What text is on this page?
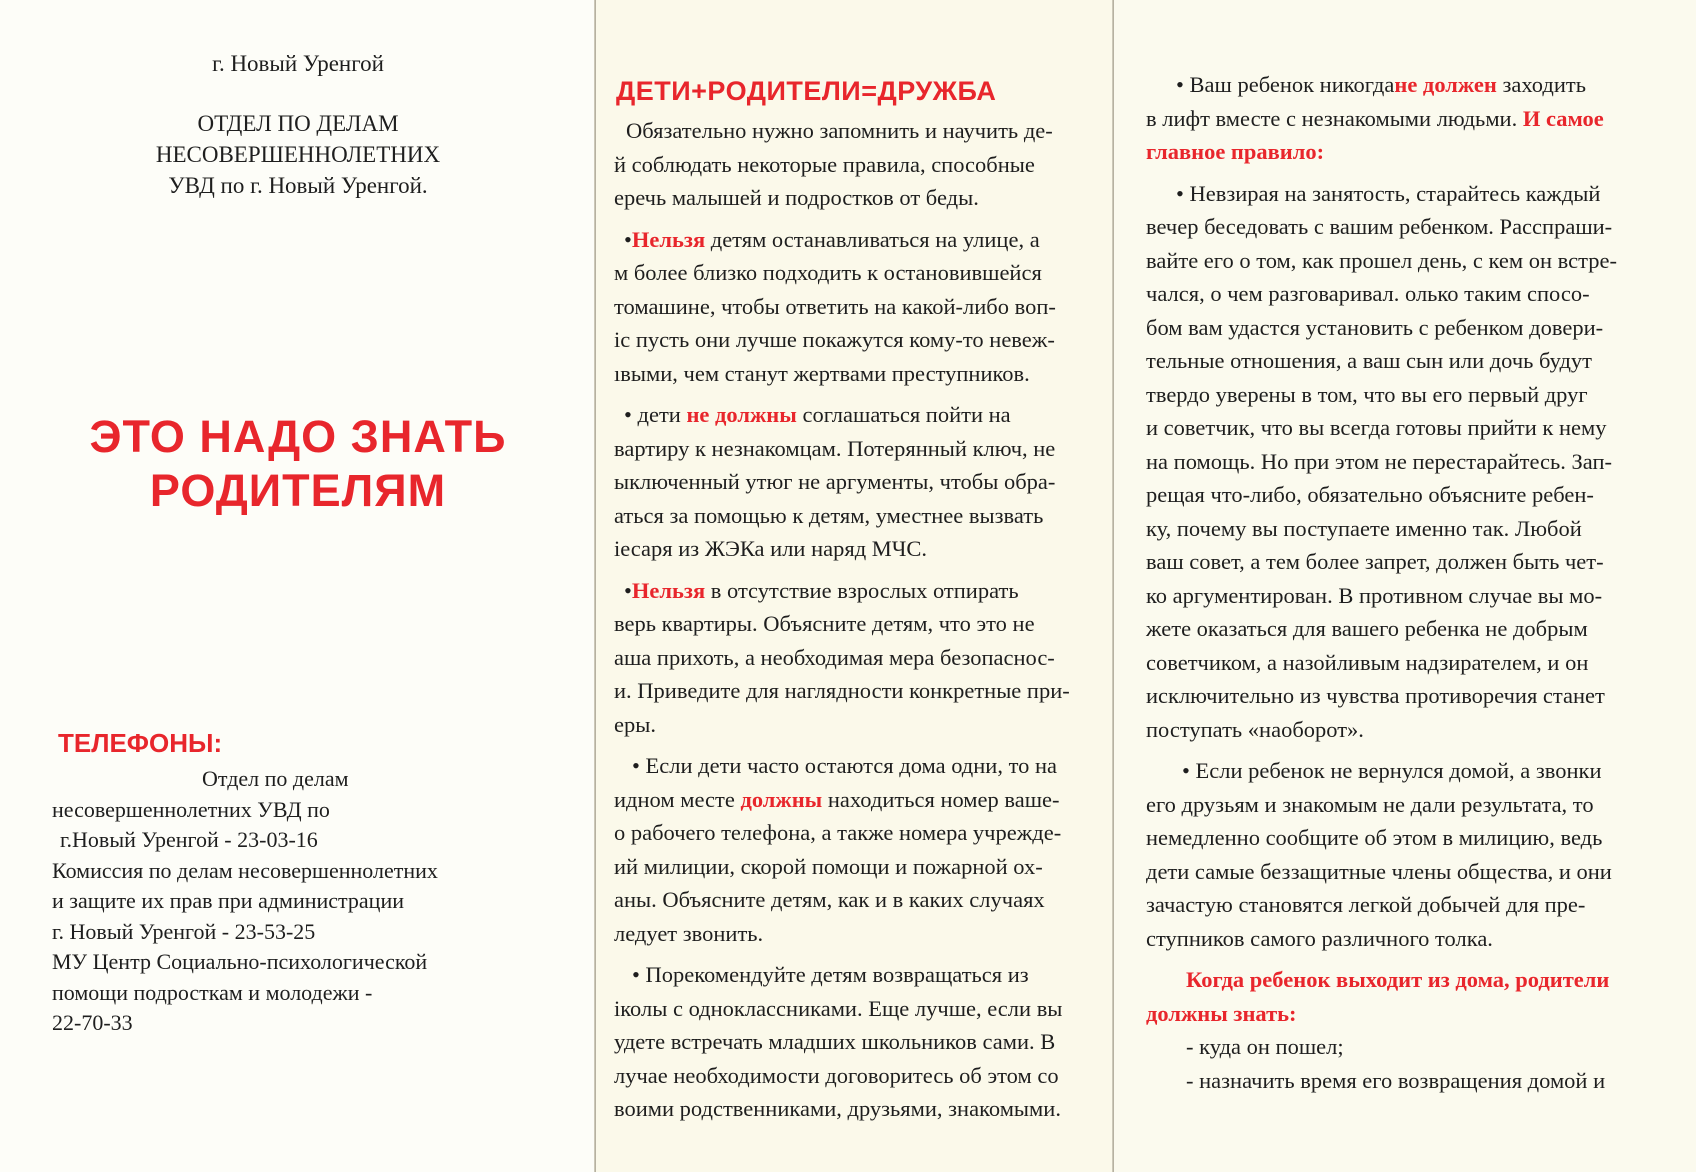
г. Новый Уренгой
ОТДЕЛ ПО ДЕЛАМ
НЕСОВЕРШЕННОЛЕТНИХ
УВД по г. Новый Уренгой.
ЭТО НАДО ЗНАТЬ
РОДИТЕЛЯМ
ТЕЛЕФОНЫ:
Отдел по делам
несовершеннолетних УВД по
г.Новый Уренгой - 23-03-16
Комиссия по делам несовершеннолетних
и защите их прав при администрации
г. Новый Уренгой - 23-53-25
МУ Центр Социально-психологической
помощи подросткам и молодежи -
22-70-33
ДЕТИ+РОДИТЕЛИ=ДРУЖБА
Обязательно нужно запомнить и научить де-
й соблюдать некоторые правила, способные
еречь малышей и подростков от беды.
•Нельзя детям останавливаться на улице, а
м более близко подходить к остановившейся
томашине, чтобы ответить на какой-либо воп-
іс пусть они лучше покажутся кому-то невеж-
ıвыми, чем станут жертвами преступников.
• дети не должны соглашаться пойти на
вартиру к незнакомцам. Потерянный ключ, не
ыключенный утюг не аргументы, чтобы обра-
аться за помощью к детям, уместнее вызвать
іесаря из ЖЭКа или наряд МЧС.
•Нельзя в отсутствие взрослых отпирать
верь квартиры. Объясните детям, что это не
аша прихоть, а необходимая мера безопаснос-
и. Приведите для наглядности конкретные при-
еры.
• Если дети часто остаются дома одни, то на
идном месте должны находиться номер ваше-
о рабочего телефона, а также номера учрежде-
ий милиции, скорой помощи и пожарной ох-
аны. Объясните детям, как и в каких случаях
ледует звонить.
• Порекомендуйте детям возвращаться из
іколы с одноклассниками. Еще лучше, если вы
удете встречать младших школьников сами. В
лучае необходимости договоритесь об этом со
воими родственниками, друзьями, знакомыми.
• Ваш ребенок никогдане должен заходить
в лифт вместе с незнакомыми людьми. И самое
главное правило:
• Невзирая на занятость, старайтесь каждый
вечер беседовать с вашим ребенком. Расспраши-
вайте его о том, как прошел день, с кем он встре-
чался, о чем разговаривал. олько таким спосо-
бом вам удастся установить с ребенком довери-
тельные отношения, а ваш сын или дочь будут
твердо уверены в том, что вы его первый друг
и советчик, что вы всегда готовы прийти к нему
на помощь. Но при этом не перестарайтесь. Зап-
рещая что-либо, обязательно объясните ребен-
ку, почему вы поступаете именно так. Любой
ваш совет, а тем более запрет, должен быть чет-
ко аргументирован. В противном случае вы мо-
жете оказаться для вашего ребенка не добрым
советчиком, а назойливым надзирателем, и он
исключительно из чувства противоречия станет
поступать «наоборот».
• Если ребенок не вернулся домой, а звонки
его друзьям и знакомым не дали результата, то
немедленно сообщите об этом в милицию, ведь
дети самые беззащитные члены общества, и они
зачастую становятся легкой добычей для пре-
ступников самого различного толка.
Когда ребенок выходит из дома, родители
должны знать:
- куда он пошел;
- назначить время его возвращения домой и
